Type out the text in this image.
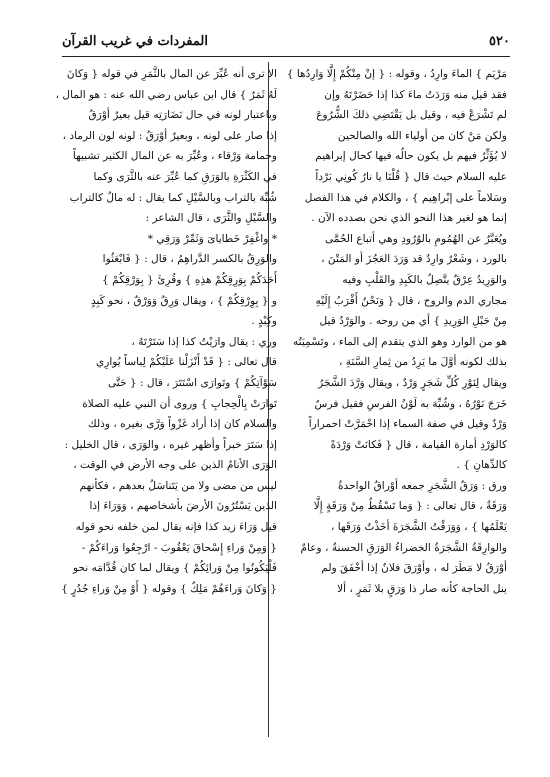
٥٢٠
المفردات في غريب القرآن
مَرْيَم } الماءَ وارِدُ ، وقوله : { إنْ مِنْكُمْ إِلَّا وَارِدُها }
فقد قيل منه وَرَدَتُ ماءَ كذا إذا حَضَرْتَهُ وإن
لم تَشْرَعْ فيه ، وقيل بل يَقْتَضِي ذلكَ الشُّرُوعَ
ولكن مَنْ كان من أولياء الله والصالحين
لا يُؤَثِّرُ فيهم بل يكون حالُه فيها كحال إبراهيم
عليه السلام حيث قال { قُلْنَا يا نارُ كُونِي بَرْداً
وسَلاماً على إبْراهِيم } ، والكلام في هذا الفصل
إنما هو لغير هذا النحو الذي نحن بصدده الآن .
ويُعَبَّرُ عن الهُمُومِ بالوُرُودِ وهي أتباع الحُمَّى
بالورد ، وشَعْرٌ وارِدٌ قد وَرَدَ العَجُزَ أو المَتْنَ ،
والوَرِيدُ عِرْقٌ يتَّصِلُ بالكَبِدِ والقَلْبِ وفيه
مجاري الدم والروح ، قال { وَنَحْنُ أَقْرَبُ إِلَيْهِ
مِنْ حَبْلِ الوَرِيدِ } أي من روحه . والوَرْدُ قيل
هو من الوارد وهو الذي يتقدم إلى الماء ، وتَسْمِيَتُه
بذلك لكونه أوَّلَ ما يَرِدُ من ثِمارِ السَّنَةِ ،
ويقال لِنَوْرِ كُلِّ شَجَرٍ وَرْدٌ ، ويقال وَرَّدَ الشَّجَرُ
خَرَجَ نَوْرُهُ ، وشُبِّهَ به لَوْنُ الفرسِ فقيل فرسٌ
وَرْدٌ وقيل في صفة السماء إذا احْمَرَّتْ احمراراً
كالوَرْدِ أمارة القيامة ، قال { فَكانَتْ وَرْدَةً
كالدِّهانِ } .
ورق : وَرَقُ الشَّجَرِ جمعه أوْراقٌ الواحدةُ
وَرَقَةٌ ، قال تعالى : { وَما تَسْقُطُ مِنْ وَرَقَةٍ إِلَّا
يَعْلَمُها } ، وَوَرَقْتُ الشَّجَرَةَ أخَذْتُ وَرَقَها ،
والوارِقَةُ الشَّجَرَةُ الخضراءُ الوَرَقِ الحسنةُ ، وعامٌ
أوْرَقُ لا مَطَرَ له ، وأوْرَقَ فلانٌ إذا أخْفَقَ ولم
ينل الحاجة كأنه صار ذا وَرَقٍ بلا ثَمَرٍ ، ألا
الا ترى أنه عُبِّرَ عن المال بالثَّمَرِ في قوله { وَكانَ
لَهُ ثَمَرٌ } قال ابن عباس رضي الله عنه : هو المال ،
وباعتبار لونه في حال نَضَارَتِه قيل بعيرٌ أوْرَقُ
إذا صار على لونه ، وبعيرٌ أوْرَقُ : لونه لون الرماد ،
وحمامة وَرْقاء ، وعُبِّرَ به عن المال الكثير تشبيهاً
في الكَثْرَةِ بالوَرَقِ كما عُبِّرَ عنه بالثَّرَى وكما
شُبِّهَ بالتراب وبالسَّيْلِ كما يقال : له مالٌ كالتراب
والسَّيْلِ والثَّرَى ، قال الشاعر :
* واغْفِرْ خَطاياىَ وَثَمِّرْ وَرَقِي *
والوَرِقُ بالكسر الدَّراهِمُ ، قال : { فَابْعَثُوا
أَحَدَكُمْ بِوَرِقِكُمْ هذِهِ } وقُرِئَ { بِوَرْقِكُمْ }
و { بِوِرْقِكُمْ } ، ويقال وَرِقٌ وَوَرْقٌ ، نحو كَبِدٍ
وكِبْدٍ .
وري : يقال وارَيْتُ كذا إذا سَتَرْتَهُ ،
قال تعالى : { قَدْ أَنْزَلْنا عَلَيْكُمْ لِباساً يُوارِي
سَوْآتِكُمْ } وتَوارَى اسْتَتَرَ ، قال : { حَتَّى
تَوارَتْ بِالْحِجابِ } وروى أن النبي عليه الصلاة
والسلام كان إذا أراد غَزْواً وَرَّى بغيره ، وذلك
إذا سَتَرَ خبراً وأظهر غيره ، والوَرَى ، قال الخليل :
الوَرَى الأنامُ الذين على وجه الأرض في الوقت ،
ليس من مضى ولا من يَتَناسَلُ بعدهم ، فكأنهم
الذين يَسْتُرُونَ الأرضَ بأشخاصهم ، وَوَرَاءَ إذا
قيل وَرَاءَ زيد كذا فإنه يقال لمن خلفه نحو قوله
{ وَمِنْ وَراءِ إِسْحاقَ يَعْقُوبَ - ارْجِعُوا وَراءَكُمْ -
فَلْيَكُونُوا مِنْ وَرائِكُمْ } ويقال لما كان قُدَّامَه نحو
{ وَكانَ وَراءَهُمْ مَلِكٌ } وقوله { أَوْ مِنْ وَراءِ جُدُرٍ }
